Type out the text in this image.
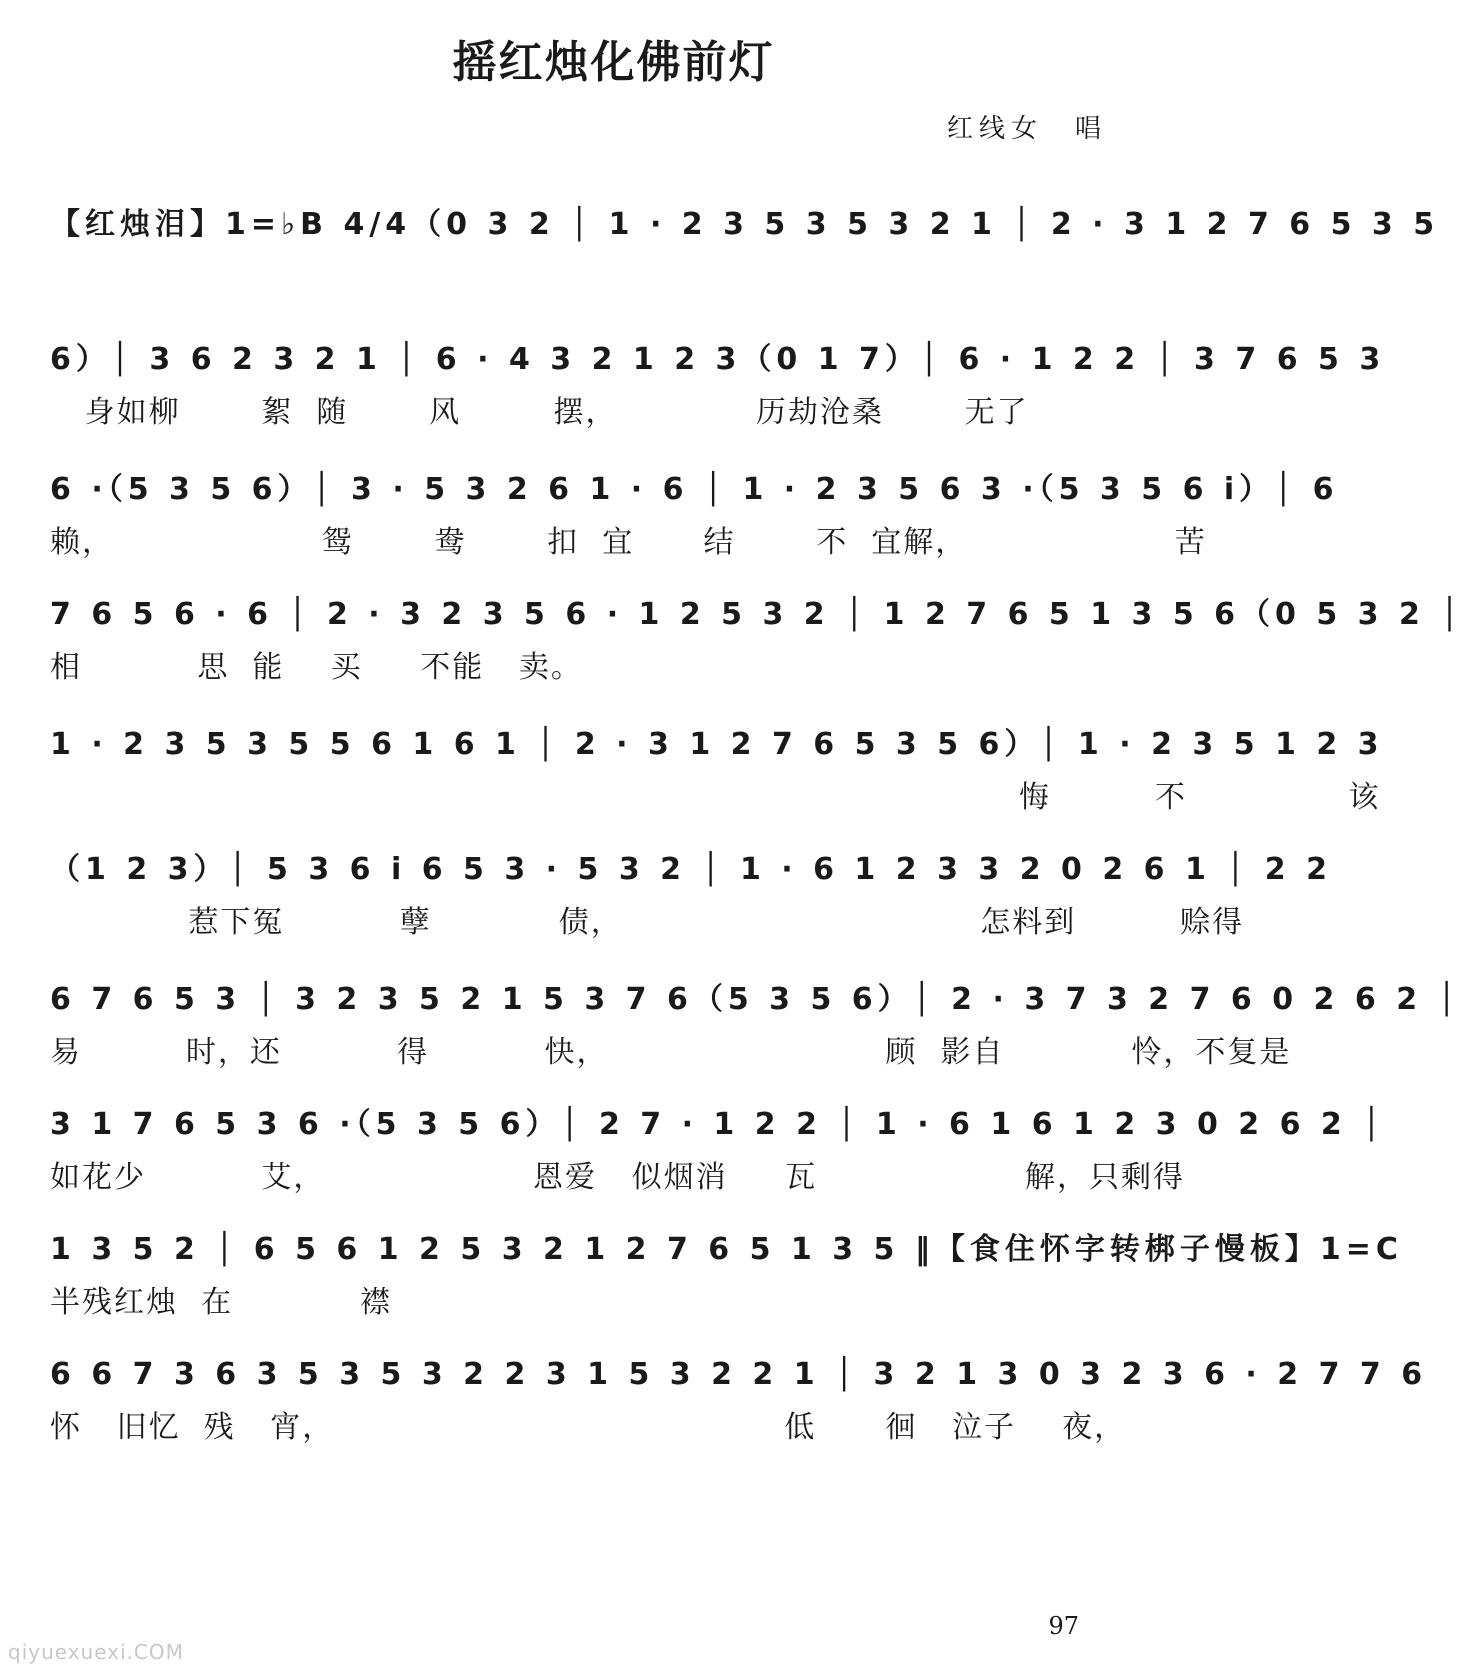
摇红烛化佛前灯
红线女　唱
【红烛泪】1=♭B 4/4（0 3 2 │ 1 · 2 3 5 3 5 3 2 1 │ 2 · 3 1 2 7 6 5 3 5
6）│ 3 6 2 3 2 1 │ 6 · 4 3 2 1 2 3（0 1 7）│ 6 · 1 2 2 │ 3 7 6 5 3
身如柳       絮  随       风        摆，            历劫沧桑       无了
6 ·（5 3 5 6）│ 3 · 5 3 2 6 1 · 6 │ 1 · 2 3 5 6 3 ·（5 3 5 6 i）│ 6
赖，                  鸳       鸯       扣  宜      结       不  宜解，                  苦
7 6 5 6 · 6 │ 2 · 3 2 3 5 6 · 1 2 5 3 2 │ 1 2 7 6 5 1 3 5 6（0 5 3 2 │
相          思  能    买     不能   卖。
1 · 2 3 5 3 5 5 6 1 6 1 │ 2 · 3 1 2 7 6 5 3 5 6）│ 1 · 2 3 5 1 2 3
悔         不              该
（1 2 3）│ 5 3 6 i 6 5 3 · 5 3 2 │ 1 · 6 1 2 3 3 2 0 2 6 1 │ 2 2
惹下冤          孽           债，                               怎料到         赊得
6 7 6 5 3 │ 3 2 3 5 2 1 5 3 7 6（5 3 5 6）│ 2 · 3 7 3 2 7 6 0 2 6 2 │
易         时，还          得          快，                        顾  影自           怜，不复是
3 1 7 6 5 3 6 ·（5 3 5 6）│ 2 7 · 1 2 2 │ 1 · 6 1 6 1 2 3 0 2 6 2 │
如花少          艾，                  恩爱   似烟消     瓦                  解，只剩得
1 3 5 2 │ 6 5 6 1 2 5 3 2 1 2 7 6 5 1 3 5 ‖【食住怀字转梆子慢板】1=C
半残红烛  在           襟
6 6 7 3 6 3 5 3 5 3 2 2 3 1 5 3 2 2 1 │ 3 2 1 3 0 3 2 3 6 · 2 7 7 6
怀   旧忆  残   宵，                                       低      徊   泣子    夜，
97
qiyuexuexi.COM
